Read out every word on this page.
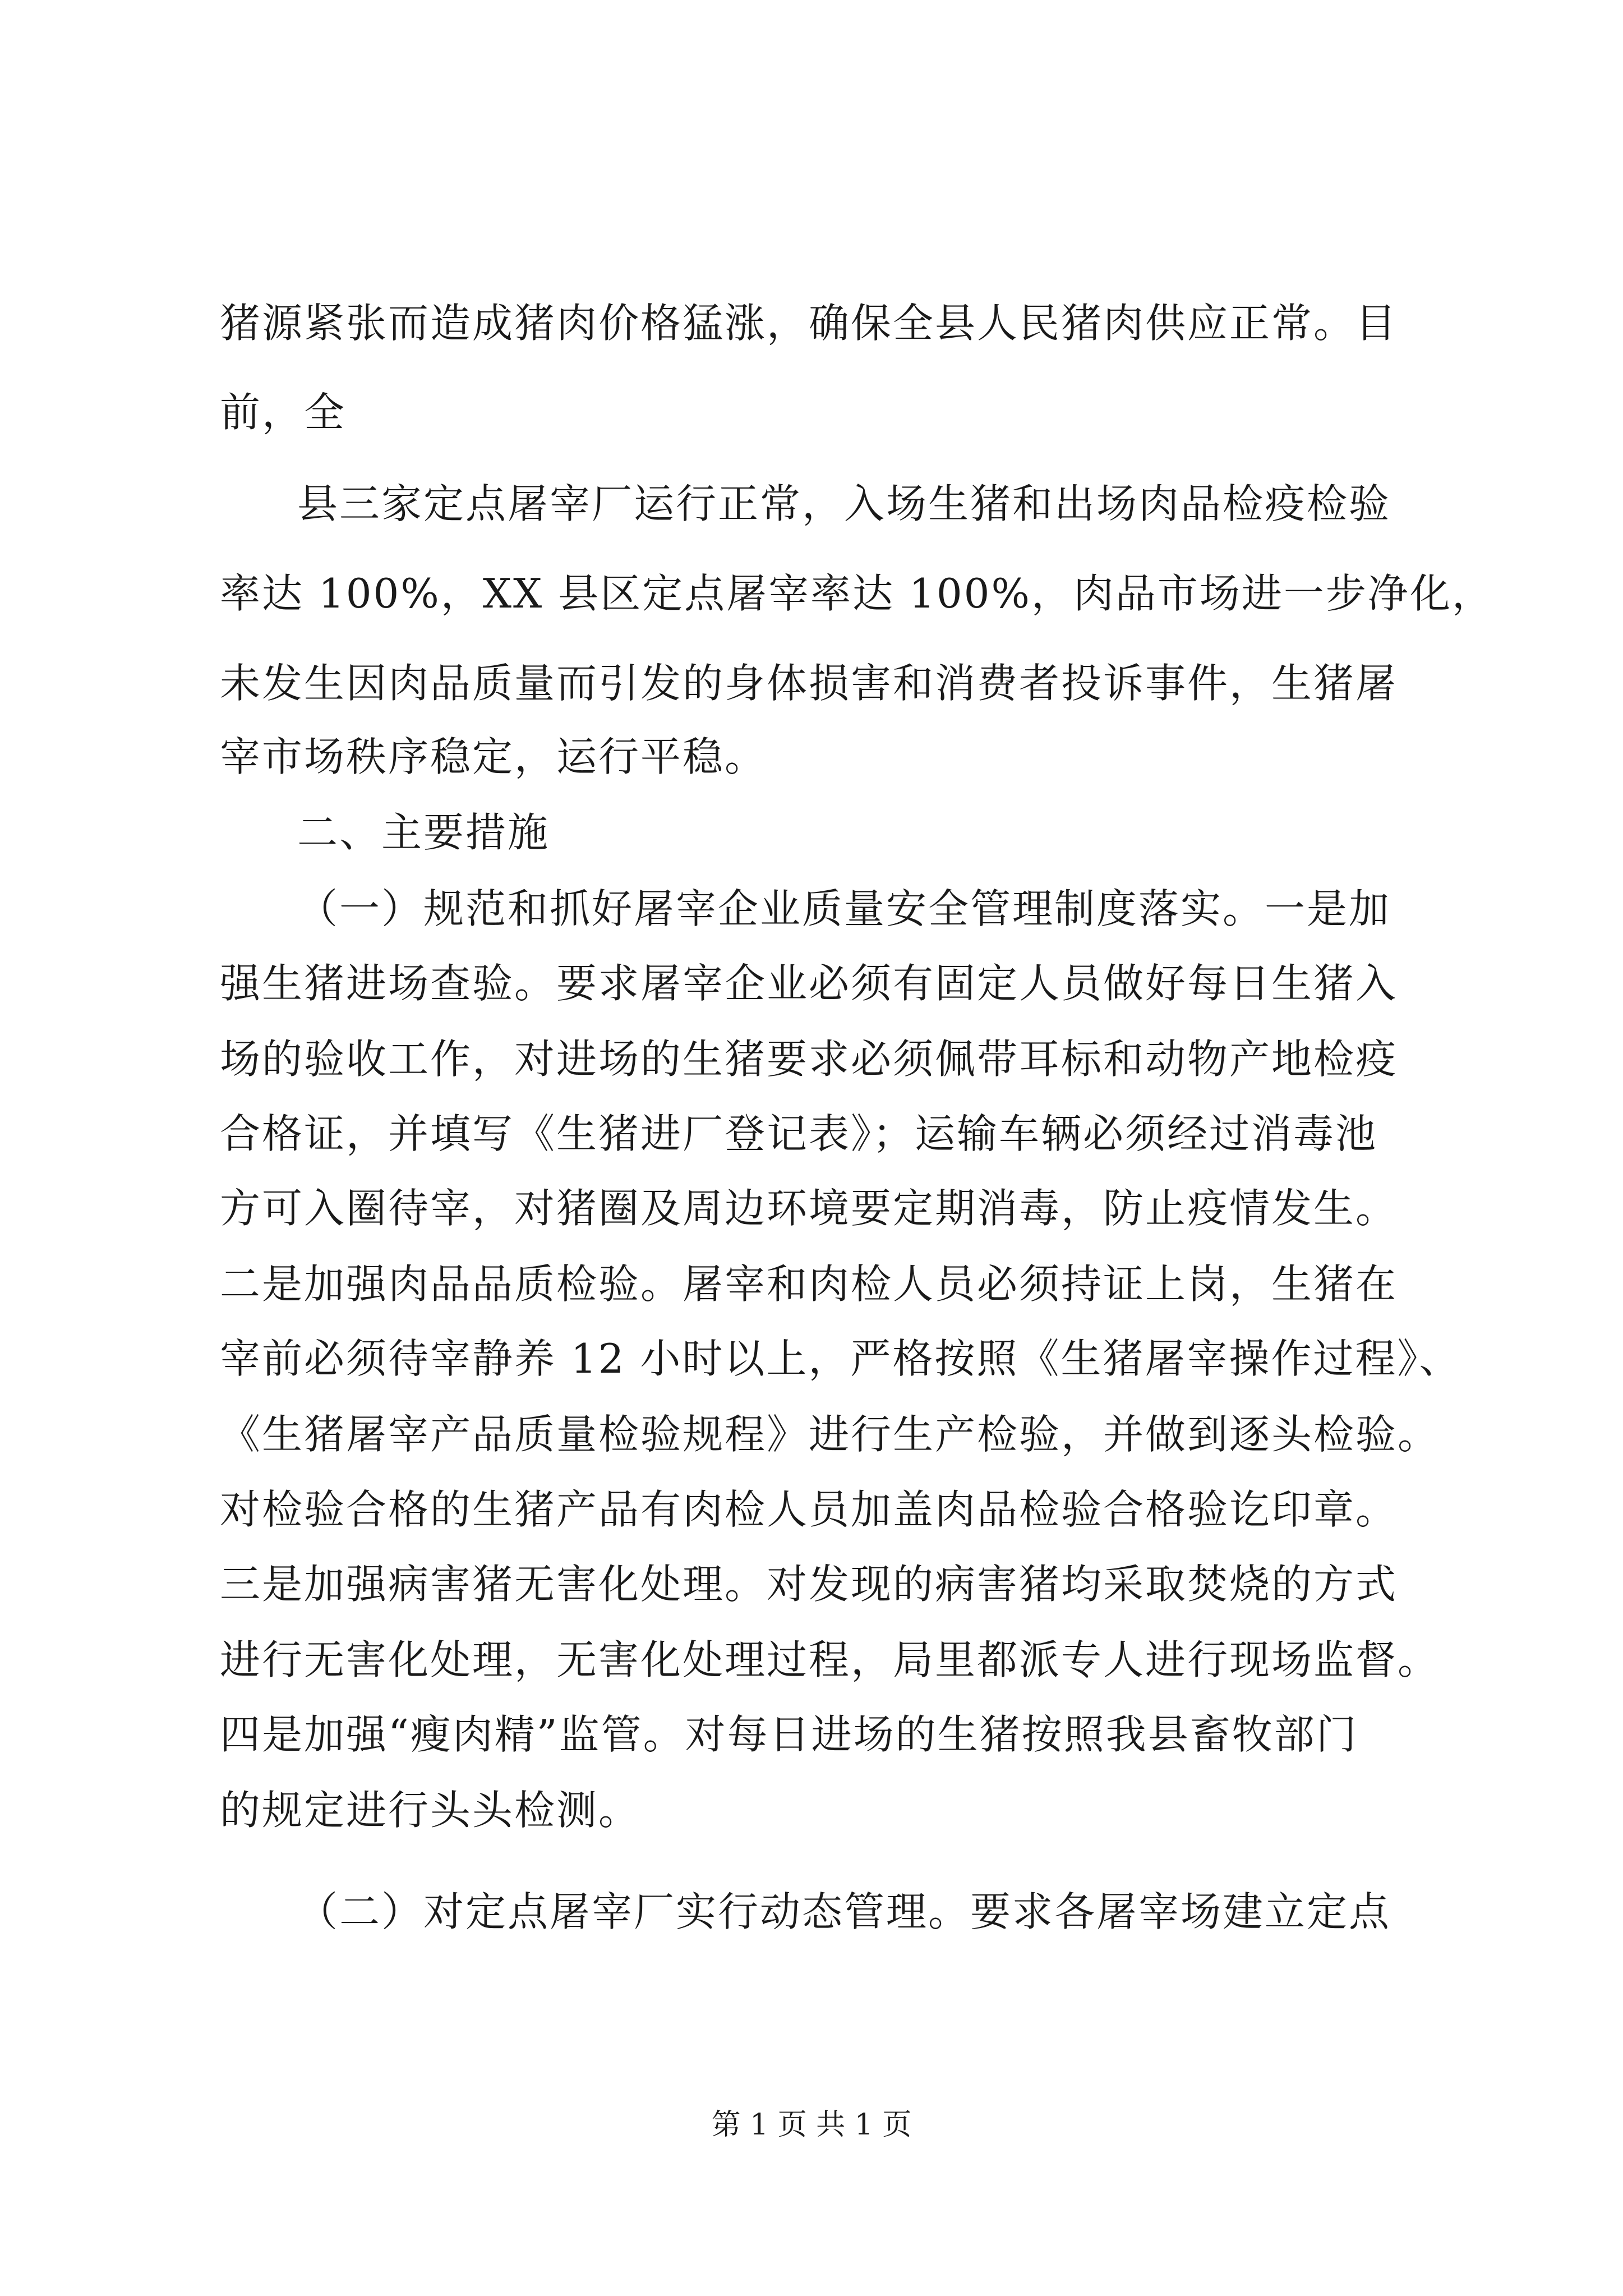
猪源紧张而造成猪肉价格猛涨，确保全县人民猪肉供应正常。目
前，全
县三家定点屠宰厂运行正常，入场生猪和出场肉品检疫检验
率达 100%，XX 县区定点屠宰率达 100%，肉品市场进一步净化，
未发生因肉品质量而引发的身体损害和消费者投诉事件，生猪屠
宰市场秩序稳定，运行平稳。
二、主要措施
（一）规范和抓好屠宰企业质量安全管理制度落实。一是加
强生猪进场查验。要求屠宰企业必须有固定人员做好每日生猪入
场的验收工作，对进场的生猪要求必须佩带耳标和动物产地检疫
合格证，并填写《生猪进厂登记表》；运输车辆必须经过消毒池
方可入圈待宰，对猪圈及周边环境要定期消毒，防止疫情发生。
二是加强肉品品质检验。屠宰和肉检人员必须持证上岗，生猪在
宰前必须待宰静养 12 小时以上，严格按照《生猪屠宰操作过程》、
《生猪屠宰产品质量检验规程》进行生产检验，并做到逐头检验。
对检验合格的生猪产品有肉检人员加盖肉品检验合格验讫印章。
三是加强病害猪无害化处理。对发现的病害猪均采取焚烧的方式
进行无害化处理，无害化处理过程，局里都派专人进行现场监督。
四是加强“瘦肉精”监管。对每日进场的生猪按照我县畜牧部门
的规定进行头头检测。
（二）对定点屠宰厂实行动态管理。要求各屠宰场建立定点
第 1 页 共 1 页
